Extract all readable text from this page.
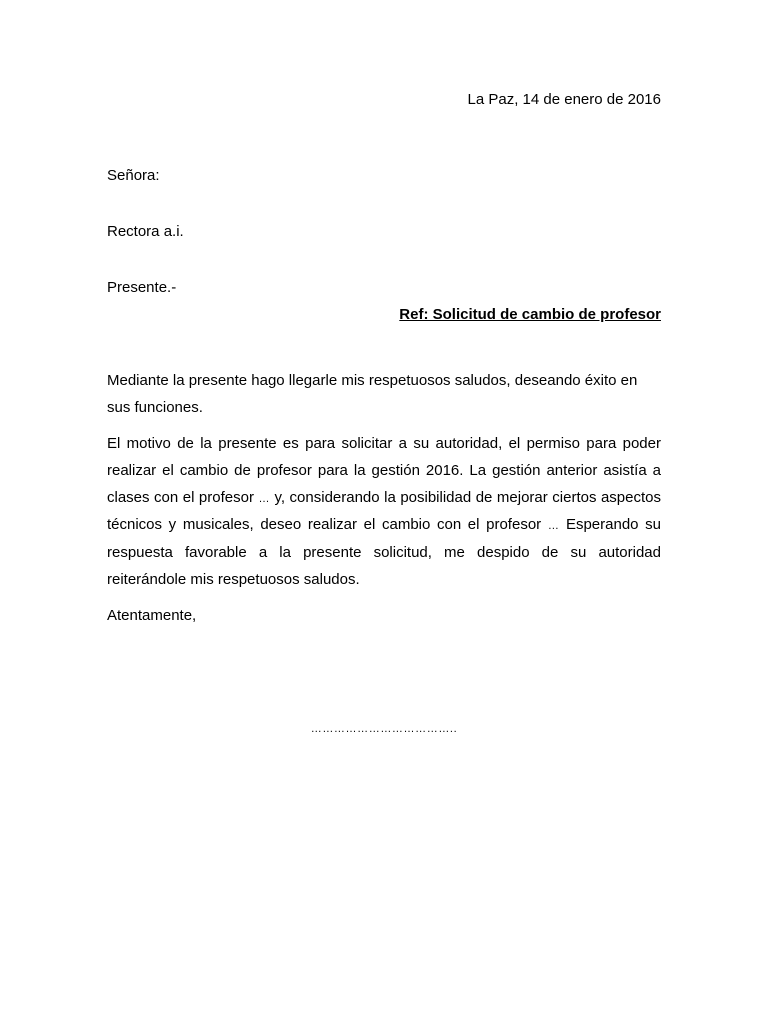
La Paz, 14 de enero de 2016
Señora:
Rectora a.i.
Presente.-
Ref: Solicitud de cambio de profesor
Mediante la presente hago llegarle mis respetuosos saludos, deseando éxito en sus funciones.
El motivo de la presente es para solicitar a su autoridad, el permiso para poder realizar el cambio de profesor para la gestión 2016. La gestión anterior asistía a clases con el profesor … y, considerando la posibilidad de mejorar ciertos aspectos técnicos y musicales, deseo realizar el cambio con el profesor … Esperando su respuesta favorable a la presente solicitud, me despido de su autoridad reiterándole mis respetuosos saludos.
Atentamente,
………………………………..
